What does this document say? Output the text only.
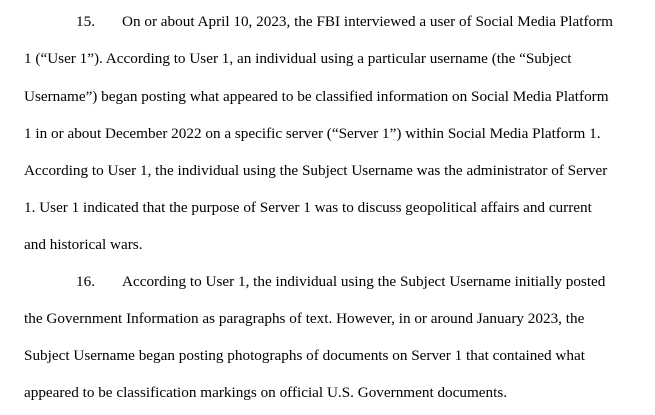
15. On or about April 10, 2023, the FBI interviewed a user of Social Media Platform
1 (“User 1”). According to User 1, an individual using a particular username (the “Subject
Username”) began posting what appeared to be classified information on Social Media Platform
1 in or about December 2022 on a specific server (“Server 1”) within Social Media Platform 1.
According to User 1, the individual using the Subject Username was the administrator of Server
1. User 1 indicated that the purpose of Server 1 was to discuss geopolitical affairs and current
and historical wars.
16. According to User 1, the individual using the Subject Username initially posted
the Government Information as paragraphs of text. However, in or around January 2023, the
Subject Username began posting photographs of documents on Server 1 that contained what
appeared to be classification markings on official U.S. Government documents.
